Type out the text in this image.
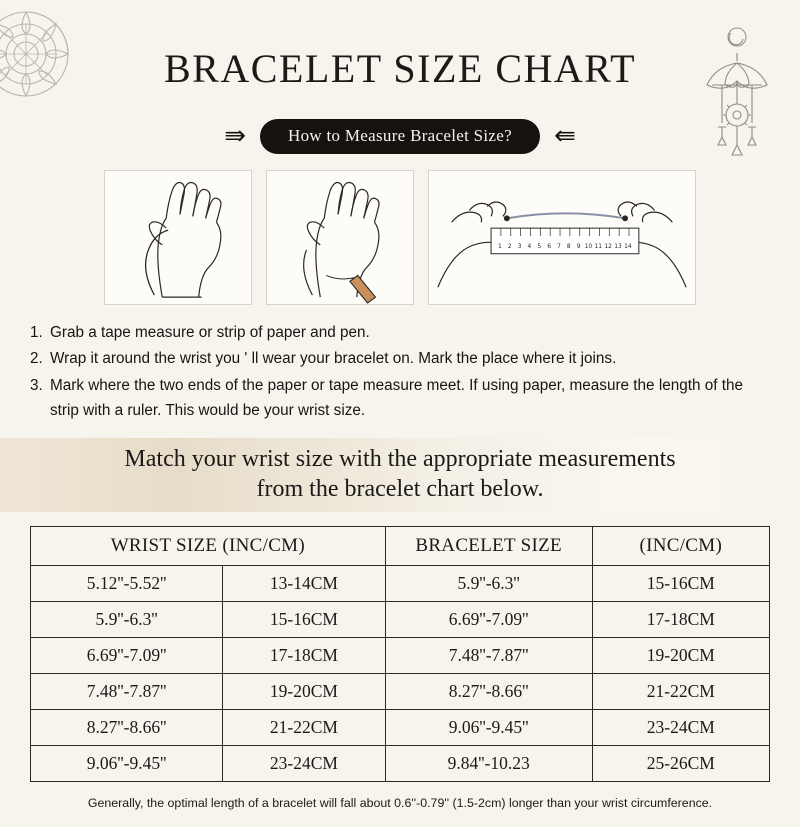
BRACELET SIZE CHART
⇛	How to Measure Bracelet Size?	⇚
1 2 3 4 5 6 7 8 9 10 11 12 13 14
1. Grab a tape measure or strip of paper and pen.
2. Wrap it around the wrist you ' ll wear your bracelet on. Mark the place where it joins.
3. Mark where the two ends of the paper or tape measure meet. If using paper, measure the length of the strip with a ruler. This would be your wrist size.
Match your wrist size with the appropriate measurements
from the bracelet chart below.
WRIST SIZE (INC/CM)		BRACELET SIZE	(INC/CM)
5.12''-5.52''	13-14CM	5.9''-6.3''	15-16CM
5.9''-6.3''	15-16CM	6.69''-7.09''	17-18CM
6.69''-7.09''	17-18CM	7.48''-7.87''	19-20CM
7.48''-7.87''	19-20CM	8.27''-8.66''	21-22CM
8.27''-8.66''	21-22CM	9.06''-9.45''	23-24CM
9.06''-9.45''	23-24CM	9.84''-10.23	25-26CM
Generally, the optimal length of a bracelet will fall about 0.6''-0.79'' (1.5-2cm) longer than your wrist circumference.
